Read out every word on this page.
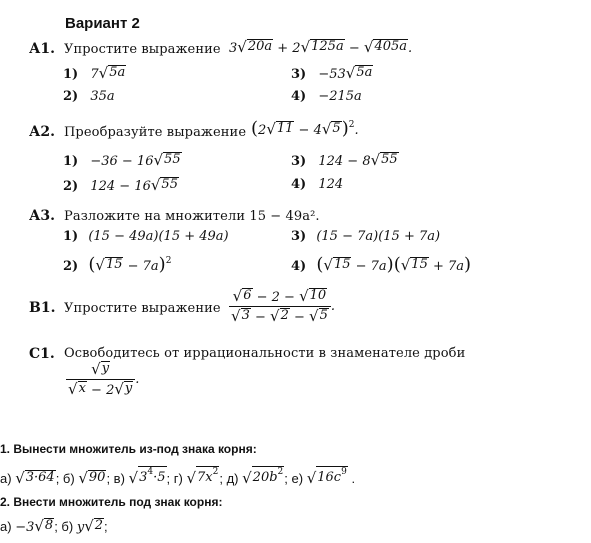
Вариант 2
А1. Упростите выражение 3 √ 20a + 2 √ 125a − √ 405a .
1) 7 √ 5a
2) 35a
3) −53 √ 5a
4) −215a
А2. Преобразуйте выражение (2 √ 11 − 4 √ 5 )$^2$.
1) −36 − 16 √ 55
2) 124 − 16 √ 55
3) 124 − 8 √ 55
4) 124
А3. Разложите на множители 15 − 49a².
1) (15 − 49a)(15 + 49a)
2) ( √ 15 − 7a)$^2$
3) (15 − 7a)(15 + 7a)
4) ( √ 15 − 7a)( √ 15 + 7a)
В1. Упростите выражение $\frac{√ 6 - 2 - √ 10}{√ 3 - √ 2 - √ 5}$ .
С1. Освободитесь от иррациональности в знаменателе дроби
$\frac{√ y}{√ x - 2 √ y}$ .
1. Вынести множитель из-под знака корня:
а) √ 3·64 ; б) √ 90 ; в) √ $3^4\cdot 5$ ; г) √ $7x^2$ ; д) √ $20b^2$ ; е) √ $16c^9$ .
2. Внести множитель под знак корня:
а) −3 √ 8 ; б) y √ 2 ;
